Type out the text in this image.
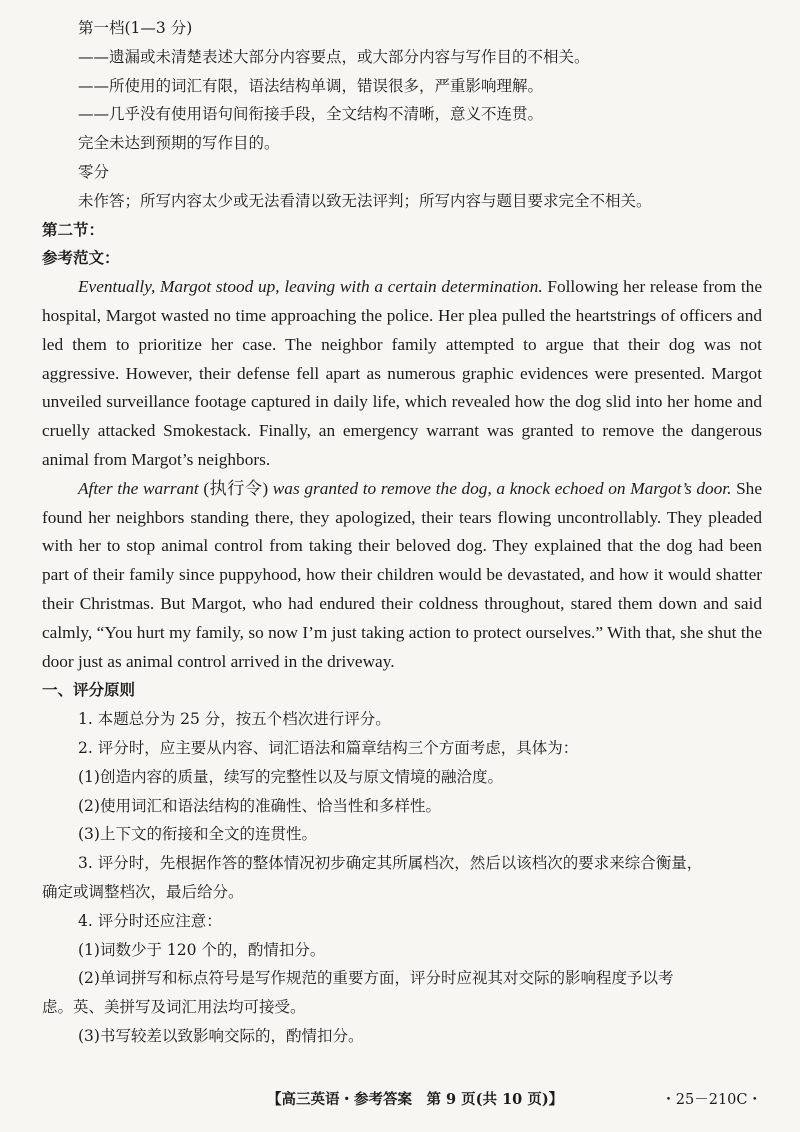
第一档(1—3 分)

——遗漏或未清楚表述大部分内容要点，或大部分内容与写作目的不相关。

——所使用的词汇有限，语法结构单调，错误很多，严重影响理解。

——几乎没有使用语句间衔接手段，全文结构不清晰，意义不连贯。

完全未达到预期的写作目的。

零分

未作答；所写内容太少或无法看清以致无法评判；所写内容与题目要求完全不相关。

第二节：

参考范文：

Eventually, Margot stood up, leaving with a certain determination. Following her release from the hospital, Margot wasted no time approaching the police. Her plea pulled the heartstrings of officers and led them to prioritize her case. The neighbor family attempted to argue that their dog was not aggressive. However, their defense fell apart as numerous graphic evidences were presented. Margot unveiled surveillance footage captured in daily life, which revealed how the dog slid into her home and cruelly attacked Smokestack. Finally, an emergency warrant was granted to remove the dangerous animal from Margot’s neighbors.

After the warrant (执行令) was granted to remove the dog, a knock echoed on Margot’s door. She found her neighbors standing there, they apologized, their tears flowing uncontrollably. They pleaded with her to stop animal control from taking their beloved dog. They explained that the dog had been part of their family since puppyhood, how their children would be devastated, and how it would shatter their Christmas. But Margot, who had endured their coldness throughout, stared them down and said calmly, “You hurt my family, so now I’m just taking action to protect ourselves.” With that, she shut the door just as animal control arrived in the driveway.

一、评分原则

1. 本题总分为 25 分，按五个档次进行评分。

2. 评分时，应主要从内容、词汇语法和篇章结构三个方面考虑，具体为：

(1)创造内容的质量，续写的完整性以及与原文情境的融洽度。

(2)使用词汇和语法结构的准确性、恰当性和多样性。

(3)上下文的衔接和全文的连贯性。

3. 评分时，先根据作答的整体情况初步确定其所属档次，然后以该档次的要求来综合衡量，

确定或调整档次，最后给分。

4. 评分时还应注意：

(1)词数少于 120 个的，酌情扣分。

(2)单词拼写和标点符号是写作规范的重要方面，评分时应视其对交际的影响程度予以考

虑。英、美拼写及词汇用法均可接受。

(3)书写较差以致影响交际的，酌情扣分。

【高三英语・参考答案　第 9 页(共 10 页)】	・25－210C・
